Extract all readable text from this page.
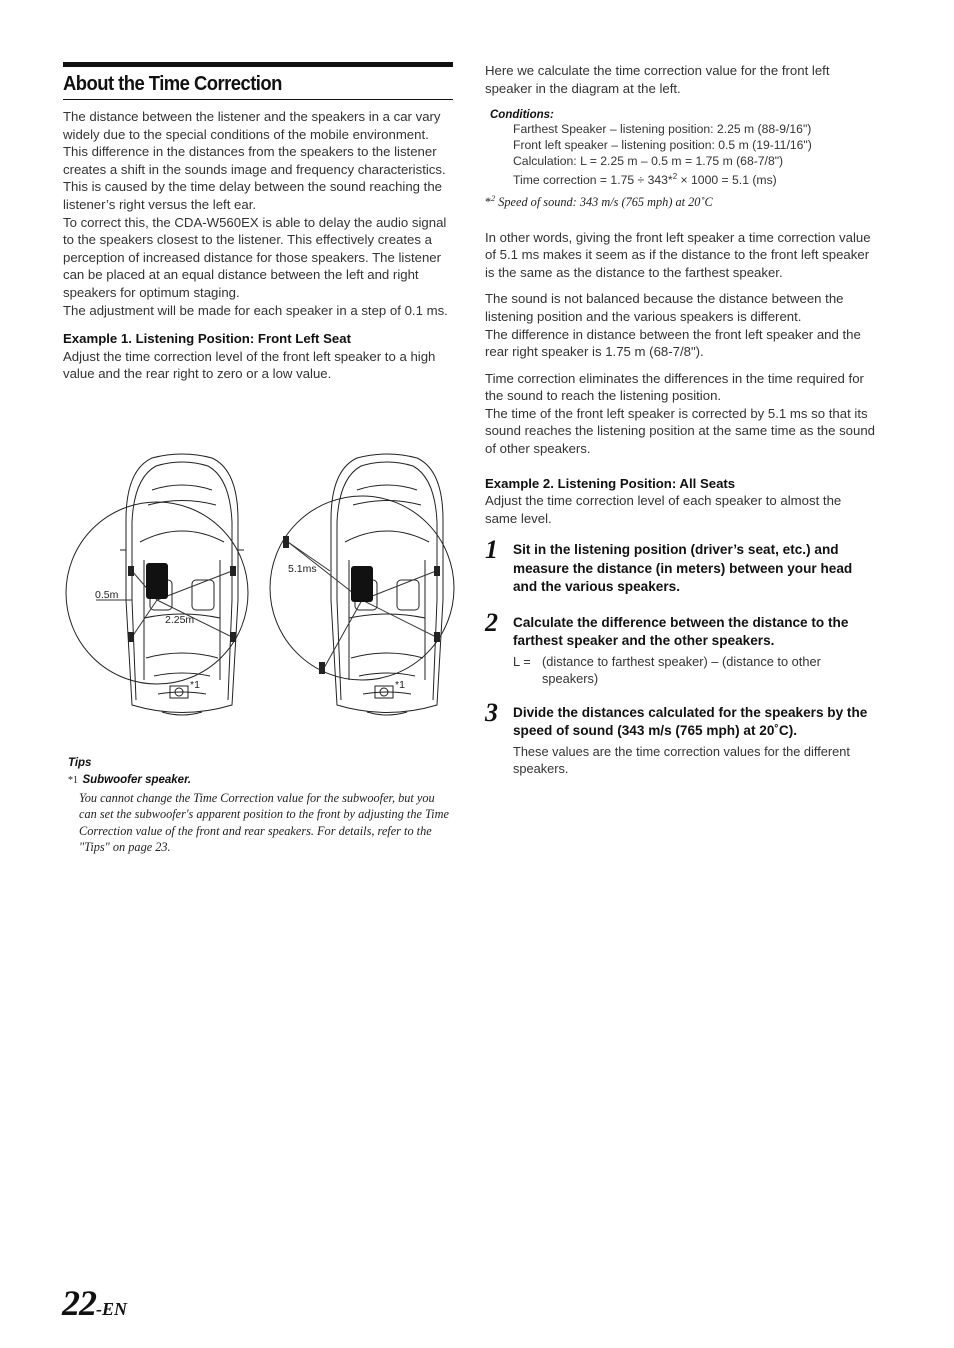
About the Time Correction

The distance between the listener and the speakers in a car vary widely due to the special conditions of the mobile environment. This difference in the distances from the speakers to the listener creates a shift in the sounds image and frequency characteristics. This is caused by the time delay between the sound reaching the listener’s right versus the left ear.

To correct this, the CDA-W560EX is able to delay the audio signal to the speakers closest to the listener. This effectively creates a perception of increased distance for those speakers. The listener can be placed at an equal distance between the left and right speakers for optimum staging.

The adjustment will be made for each speaker in a step of 0.1 ms.

Example 1. Listening Position: Front Left Seat

Adjust the time correction level of the front left speaker to a high value and the rear right to zero or a low value.

0.5m
2.25m
*1
5.1ms
*1
Tips
*1 Subwoofer speaker.
You cannot change the Time Correction value for the subwoofer, but you can set the subwoofer's apparent position to the front by adjusting the Time Correction value of the front and rear speakers. For details, refer to the "Tips" on page 23.

Here we calculate the time correction value for the front left speaker in the diagram at the left.

Conditions:
Farthest Speaker – listening position: 2.25 m (88-9/16")
Front left speaker – listening position: 0.5 m (19-11/16")
Calculation: L = 2.25 m – 0.5 m = 1.75 m (68-7/8")
Time correction = 1.75 ÷ 343*$^2$ × 1000 = 5.1 (ms)
*$^2$ Speed of sound: 343 m/s (765 mph) at 20˚C

In other words, giving the front left speaker a time correction value of 5.1 ms makes it seem as if the distance to the front left speaker is the same as the distance to the farthest speaker.

The sound is not balanced because the distance between the listening position and the various speakers is different.

The difference in distance between the front left speaker and the rear right speaker is 1.75 m (68-7/8").

Time correction eliminates the differences in the time required for the sound to reach the listening position.

The time of the front left speaker is corrected by 5.1 ms so that its sound reaches the listening position at the same time as the sound of other speakers.

Example 2. Listening Position: All Seats

Adjust the time correction level of each speaker to almost the same level.

1 Sit in the listening position (driver’s seat, etc.) and measure the distance (in meters) between your head and the various speakers.
2 Calculate the difference between the distance to the farthest speaker and the other speakers.
L = (distance to farthest speaker) – (distance to other speakers)
3 Divide the distances calculated for the speakers by the speed of sound (343 m/s (765 mph) at 20˚C).
These values are the time correction values for the different speakers.
22-EN
